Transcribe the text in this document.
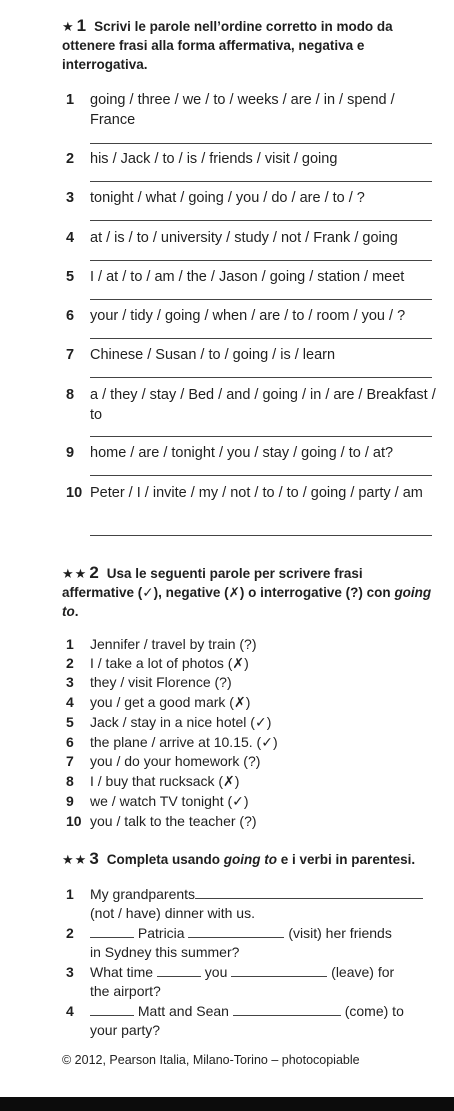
★ 1 Scrivi le parole nell’ordine corretto in modo da ottenere frasi alla forma affermativa, negativa e interrogativa.
1	going / three / we / to / weeks / are / in / spend / France
2	his / Jack / to / is / friends / visit / going
3	tonight / what / going / you / do / are / to / ?
4	at / is / to / university / study / not / Frank / going
5	I / at / to / am / the / Jason / going / station / meet
6	your / tidy / going / when / are / to / room / you / ?
7	Chinese / Susan / to / going / is / learn
8	a / they / stay / Bed / and / going / in / are / Breakfast / to
9	home / are / tonight / you / stay / going / to / at?
10 Peter / I / invite / my / not / to / to / going / party / am
★★ 2 Usa le seguenti parole per scrivere frasi affermative (✓), negative (✗) o interrogative (?) con going to.
1	Jennifer / travel by train (?)
2	I / take a lot of photos (✗)
3	they / visit Florence (?)
4	you / get a good mark (✗)
5	Jack / stay in a nice hotel (✓)
6	the plane / arrive at 10.15. (✓)
7	you / do your homework (?)
8	I / buy that rucksack (✗)
9	we / watch TV tonight (✓)
10 you / talk to the teacher (?)
★★ 3 Completa usando going to e i verbi in parentesi.
1	My grandparents
(not / have) dinner with us.
2	Patricia	(visit) her friends
in Sydney this summer?
3	What time	you	(leave) for
the airport?
4	Matt and Sean	(come) to
your party?
© 2012, Pearson Italia, Milano-Torino – photocopiable
